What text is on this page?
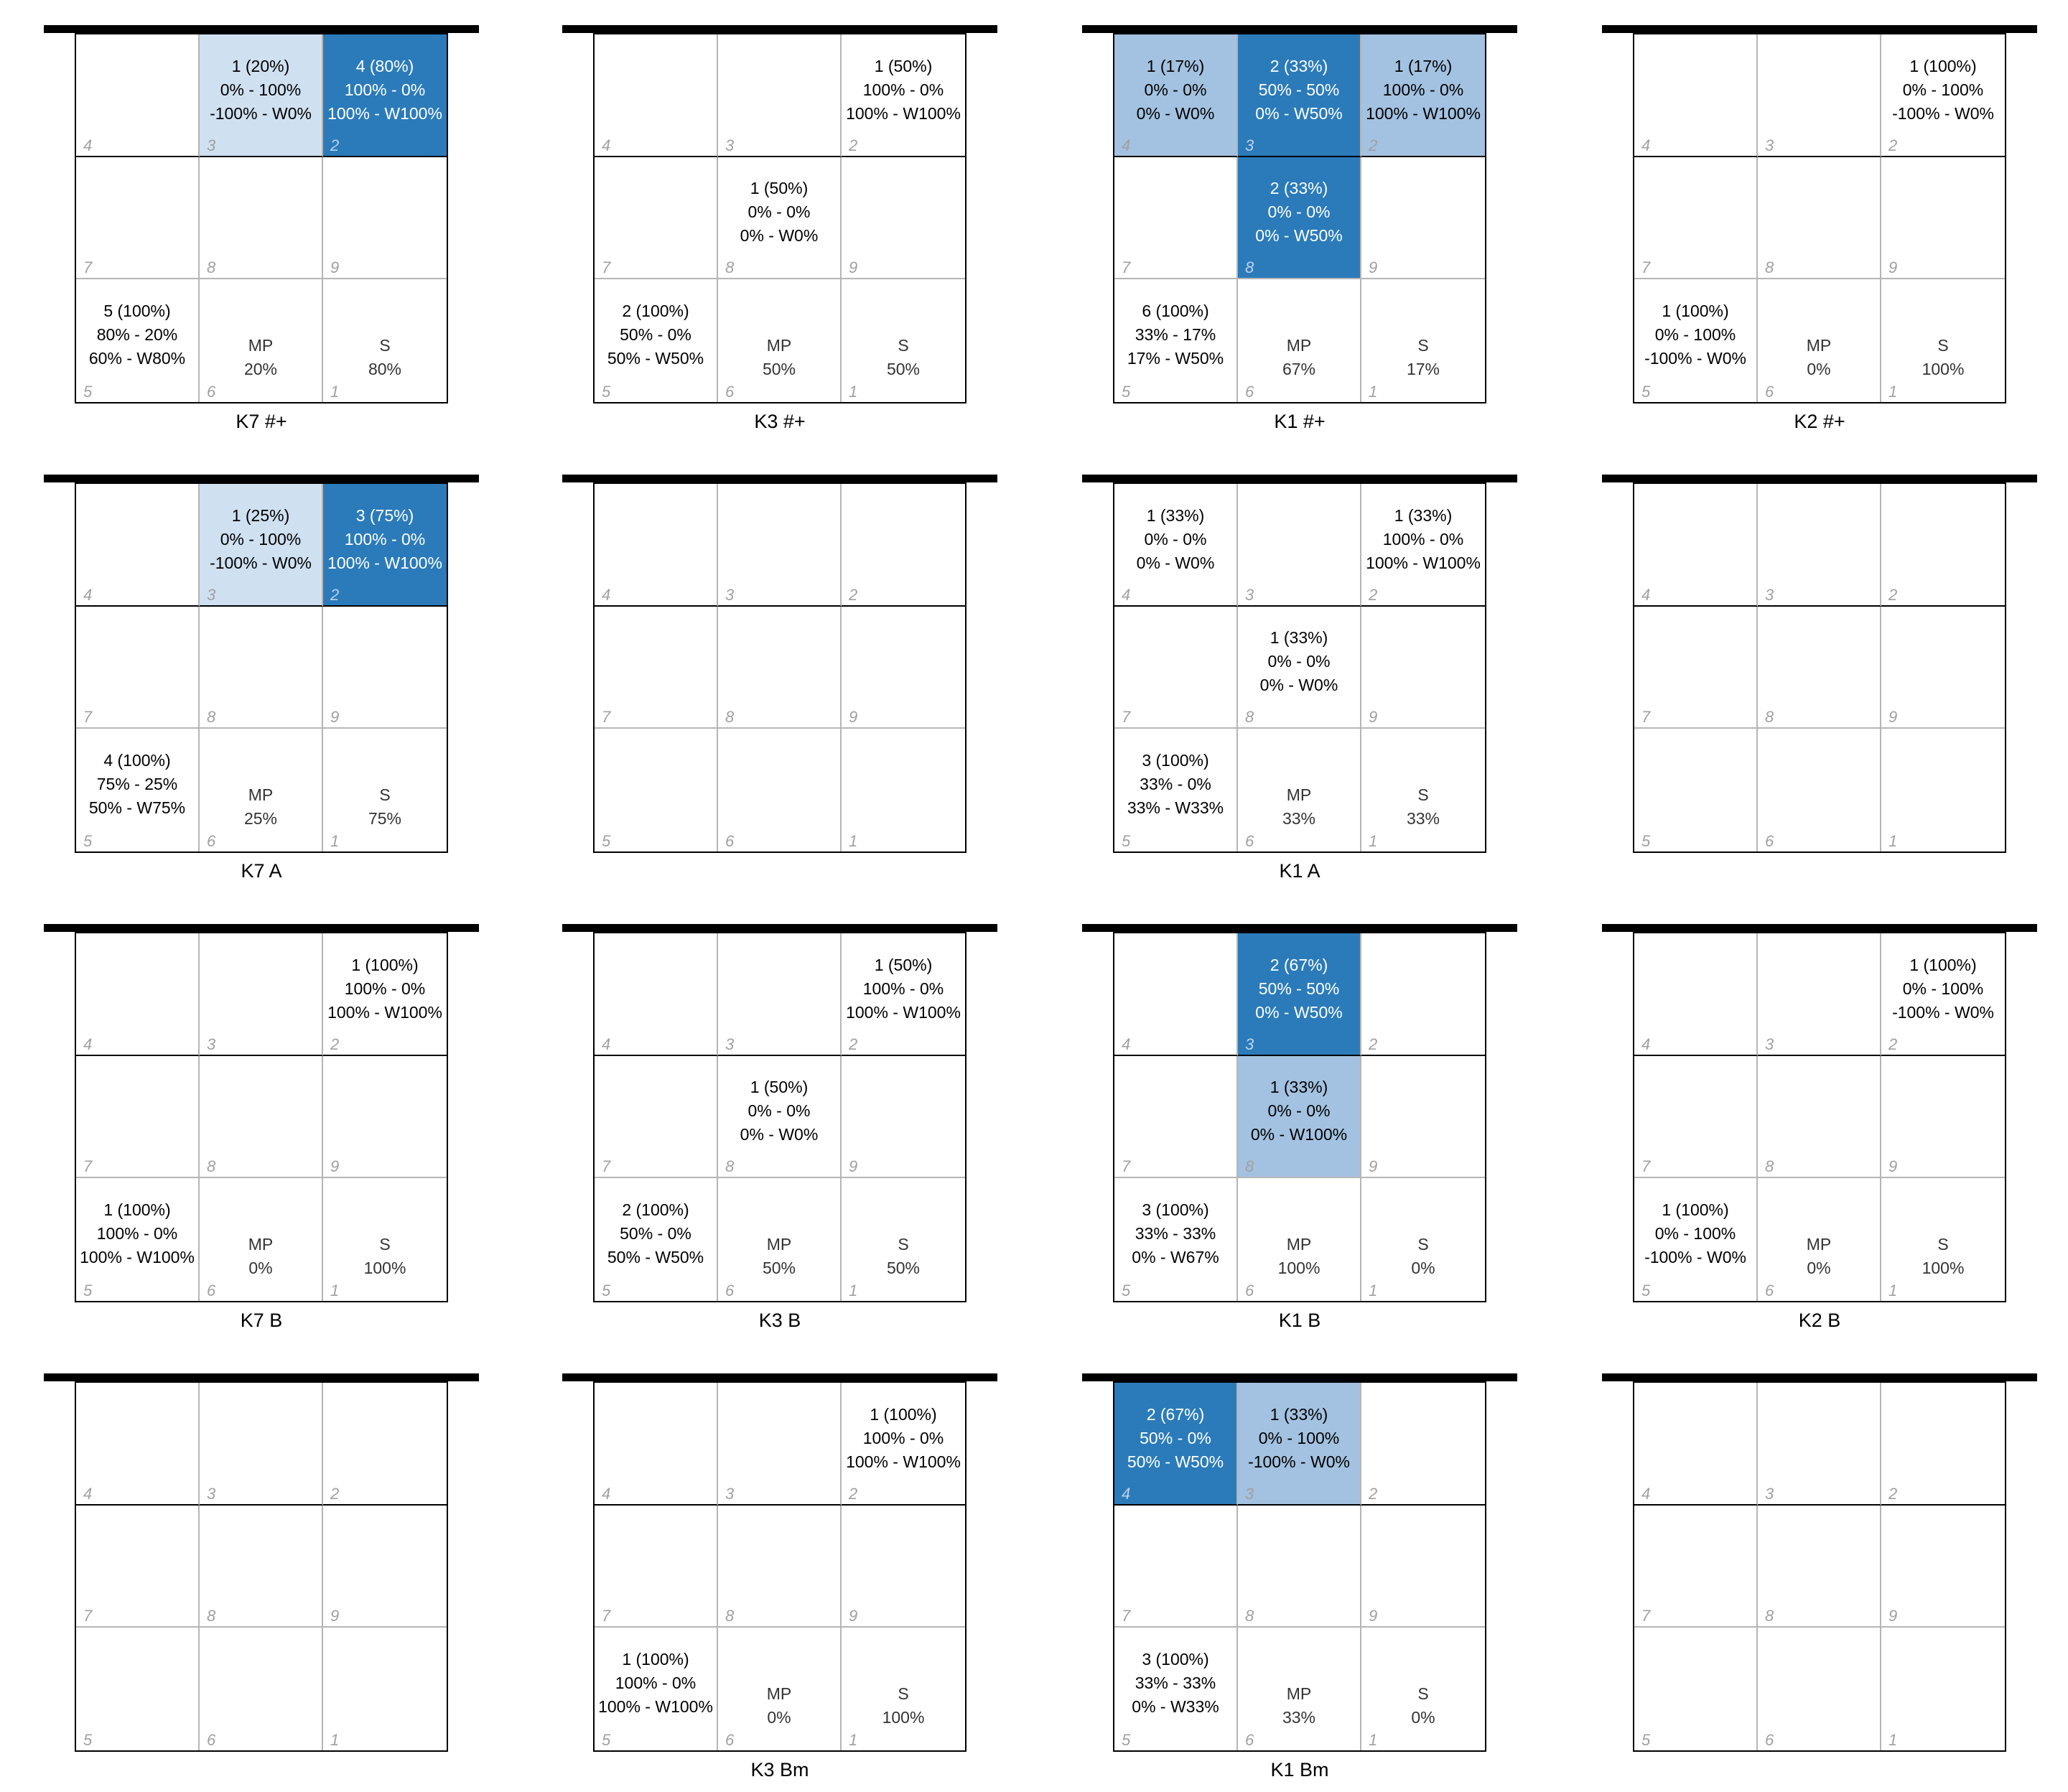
4
1 (20%)
0% - 100%
-100% - W0%
3
4 (80%)
100% - 0%
100% - W100%
2
7	8	9
5 (100%)
80% - 20%
60% - W80%
5
MP
20%
6
S
80%
1
K7 #+
4	3
1 (50%)
100% - 0%
100% - W100%
2
7
1 (50%)
0% - 0%
0% - W0%
8	9
2 (100%)
50% - 0%
50% - W50%
5
MP
50%
6
S
50%
1
K3 #+
1 (17%)
0% - 0%
0% - W0%
4
2 (33%)
50% - 50%
0% - W50%
3
1 (17%)
100% - 0%
100% - W100%
2
7
2 (33%)
0% - 0%
0% - W50%
8	9
6 (100%)
33% - 17%
17% - W50%
5
MP
67%
6
S
17%
1
K1 #+
4	3
1 (100%)
0% - 100%
-100% - W0%
2
7	8	9
1 (100%)
0% - 100%
-100% - W0%
5
MP
0%
6
S
100%
1
K2 #+
4
1 (25%)
0% - 100%
-100% - W0%
3
3 (75%)
100% - 0%
100% - W100%
2
7	8	9
4 (100%)
75% - 25%
50% - W75%
5
MP
25%
6
S
75%
1
K7 A
4	3	2
7	8	9
5	6	1
1 (33%)
0% - 0%
0% - W0%
4	3
1 (33%)
100% - 0%
100% - W100%
2
7
1 (33%)
0% - 0%
0% - W0%
8	9
3 (100%)
33% - 0%
33% - W33%
5
MP
33%
6
S
33%
1
K1 A
4	3	2
7	8	9
5	6	1
4	3
1 (100%)
100% - 0%
100% - W100%
2
7	8	9
1 (100%)
100% - 0%
100% - W100%
5
MP
0%
6
S
100%
1
K7 B
4	3
1 (50%)
100% - 0%
100% - W100%
2
7
1 (50%)
0% - 0%
0% - W0%
8	9
2 (100%)
50% - 0%
50% - W50%
5
MP
50%
6
S
50%
1
K3 B
4
2 (67%)
50% - 50%
0% - W50%
3	2
7
1 (33%)
0% - 0%
0% - W100%
8	9
3 (100%)
33% - 33%
0% - W67%
5
MP
100%
6
S
0%
1
K1 B
4	3
1 (100%)
0% - 100%
-100% - W0%
2
7	8	9
1 (100%)
0% - 100%
-100% - W0%
5
MP
0%
6
S
100%
1
K2 B
4	3	2
7	8	9
5	6	1
4	3
1 (100%)
100% - 0%
100% - W100%
2
7	8	9
1 (100%)
100% - 0%
100% - W100%
5
MP
0%
6
S
100%
1
K3 Bm
2 (67%)
50% - 0%
50% - W50%
4
1 (33%)
0% - 100%
-100% - W0%
3	2
7	8	9
3 (100%)
33% - 33%
0% - W33%
5
MP
33%
6
S
0%
1
K1 Bm
4	3	2
7	8	9
5	6	1
